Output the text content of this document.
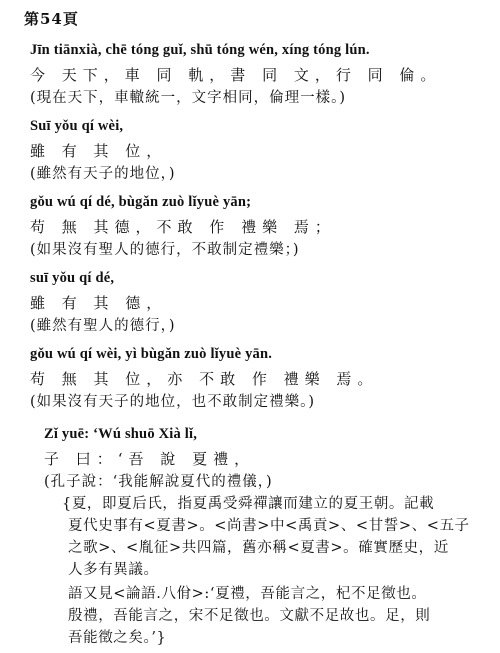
第54頁
Jīn tiānxià, chē tóng guǐ, shū tóng wén, xíng tóng lún.
今 天下，車 同 軌，書 同 文，行 同 倫。
(現在天下，車轍統一，文字相同，倫理一樣。)
Suī yǒu qí wèi,
雖 有 其 位，
(雖然有天子的地位，)
gǒu wú qí dé, bùgǎn zuò lǐyuè yān;
苟 無 其德，不敢 作 禮樂 焉；
(如果沒有聖人的德行，不敢制定禮樂；)
suī yǒu qí dé,
雖 有 其 德，
(雖然有聖人的德行，)
gǒu wú qí wèi, yì bùgǎn zuò lǐyuè yān.
苟 無 其 位，亦 不敢 作 禮樂 焉。
(如果沒有天子的地位，也不敢制定禮樂。)
Zǐ yuē: ‘Wú shuō Xià lǐ,
子 曰：‘吾 說 夏禮，
(孔子說：‘我能解說夏代的禮儀，)
{夏，即夏后氏，指夏禹受舜禪讓而建立的夏王朝。記載
夏代史事有<夏書>。<尚書>中<禹貢>、<甘誓>、<五子
之歌>、<胤征>共四篇，舊亦稱<夏書>。確實歷史，近
人多有異議。
語又見<論語.八佾>:‘夏禮，吾能言之，杞不足徵也。
殷禮，吾能言之，宋不足徵也。文獻不足故也。足，則
吾能徵之矣。’}
